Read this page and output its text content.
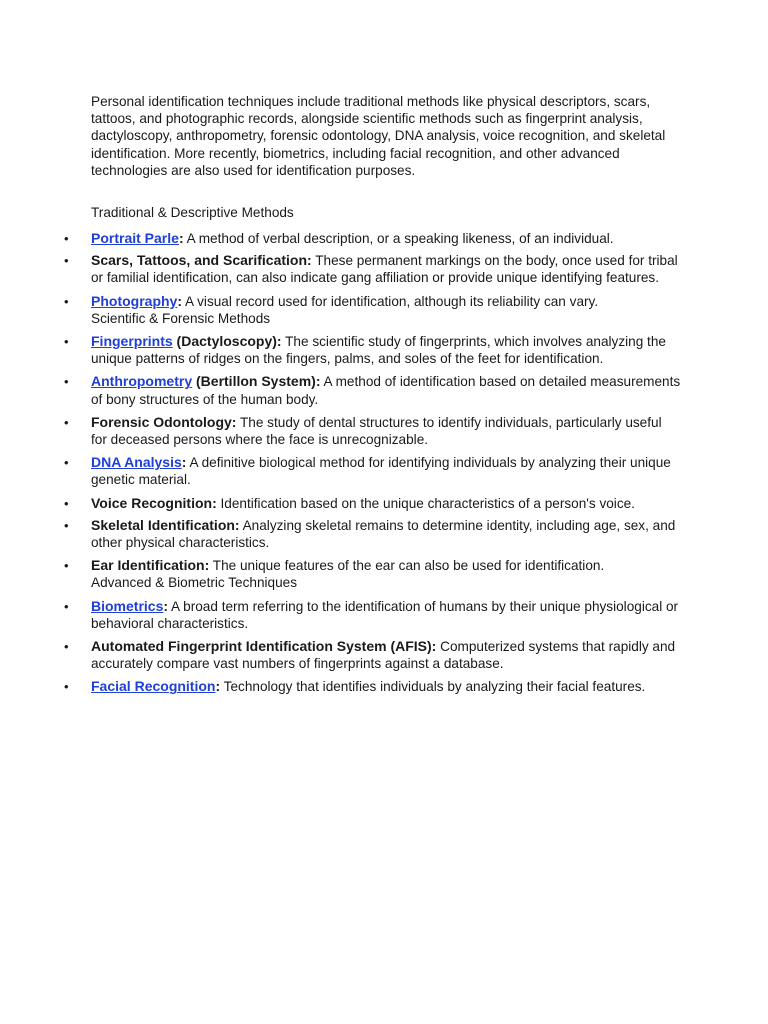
Personal identification techniques include traditional methods like physical descriptors, scars, tattoos, and photographic records, alongside scientific methods such as fingerprint analysis, dactyloscopy, anthropometry, forensic odontology, DNA analysis, voice recognition, and skeletal identification. More recently, biometrics, including facial recognition, and other advanced technologies are also used for identification purposes.

Traditional & Descriptive Methods

• Portrait Parle: A method of verbal description, or a speaking likeness, of an individual.
• Scars, Tattoos, and Scarification: These permanent markings on the body, once used for tribal or familial identification, can also indicate gang affiliation or provide unique identifying features.
• Photography: A visual record used for identification, although its reliability can vary.
Scientific & Forensic Methods
• Fingerprints (Dactyloscopy): The scientific study of fingerprints, which involves analyzing the unique patterns of ridges on the fingers, palms, and soles of the feet for identification.
• Anthropometry (Bertillon System): A method of identification based on detailed measurements of bony structures of the human body.
• Forensic Odontology: The study of dental structures to identify individuals, particularly useful for deceased persons where the face is unrecognizable.
• DNA Analysis: A definitive biological method for identifying individuals by analyzing their unique genetic material.
• Voice Recognition: Identification based on the unique characteristics of a person's voice.
• Skeletal Identification: Analyzing skeletal remains to determine identity, including age, sex, and other physical characteristics.
• Ear Identification: The unique features of the ear can also be used for identification.
Advanced & Biometric Techniques
• Biometrics: A broad term referring to the identification of humans by their unique physiological or behavioral characteristics.
• Automated Fingerprint Identification System (AFIS): Computerized systems that rapidly and accurately compare vast numbers of fingerprints against a database.
• Facial Recognition: Technology that identifies individuals by analyzing their facial features.
